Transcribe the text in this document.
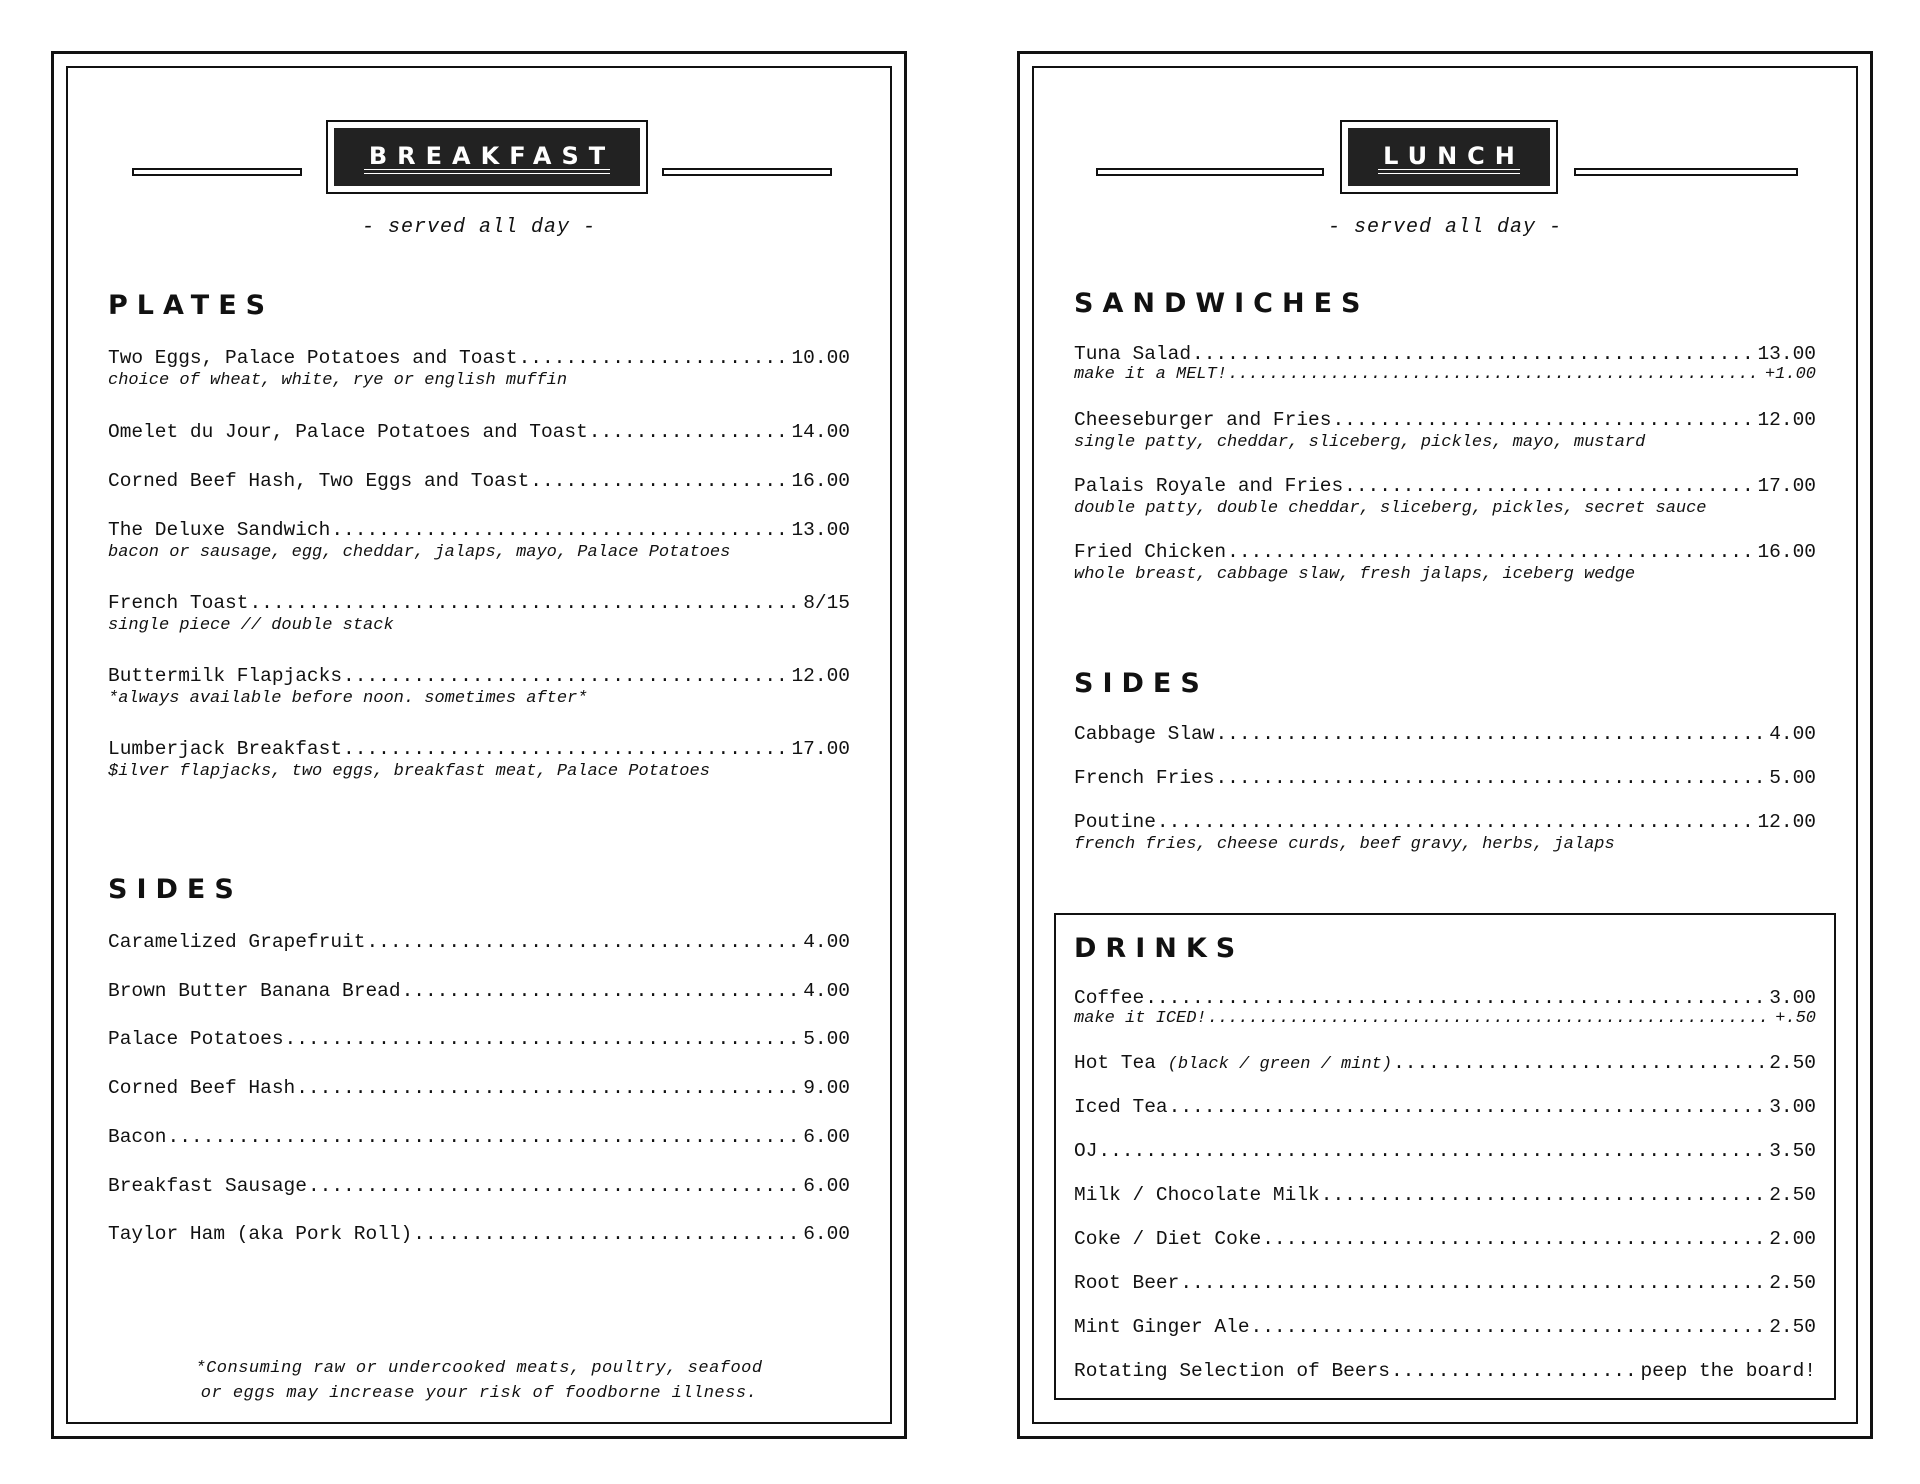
BREAKFAST
- served all day -
PLATES
Two Eggs, Palace Potatoes and Toast .....	10.00
choice of wheat, white, rye or english muffin
Omelet du Jour, Palace Potatoes and Toast .....	14.00
Corned Beef Hash, Two Eggs and Toast .....	16.00
The Deluxe Sandwich .....	13.00
bacon or sausage, egg, cheddar, jalaps, mayo, Palace Potatoes
French Toast .....	8/15
single piece // double stack
Buttermilk Flapjacks .....	12.00
*always available before noon. sometimes after*
Lumberjack Breakfast .....	17.00
$ilver flapjacks, two eggs, breakfast meat, Palace Potatoes
SIDES
Caramelized Grapefruit .....	4.00
Brown Butter Banana Bread .....	4.00
Palace Potatoes .....	5.00
Corned Beef Hash .....	9.00
Bacon .....	6.00
Breakfast Sausage .....	6.00
Taylor Ham (aka Pork Roll) .....	6.00
*Consuming raw or undercooked meats, poultry, seafood
or eggs may increase your risk of foodborne illness.
LUNCH
- served all day -
SANDWICHES
Tuna Salad .....	13.00
make it a MELT! .....	+1.00
Cheeseburger and Fries .....	12.00
single patty, cheddar, sliceberg, pickles, mayo, mustard
Palais Royale and Fries .....	17.00
double patty, double cheddar, sliceberg, pickles, secret sauce
Fried Chicken .....	16.00
whole breast, cabbage slaw, fresh jalaps, iceberg wedge
SIDES
Cabbage Slaw .....	4.00
French Fries .....	5.00
Poutine .....	12.00
french fries, cheese curds, beef gravy, herbs, jalaps
DRINKS
Coffee .....	3.00
make it ICED! .....	+.50
Hot Tea
(black / green / mint) .....	2.50
Iced Tea .....	3.00
OJ .....	3.50
Milk / Chocolate Milk .....	2.50
Coke / Diet Coke .....	2.00
Root Beer .....	2.50
Mint Ginger Ale .....	2.50
Rotating Selection of Beers .....	peep the board!
